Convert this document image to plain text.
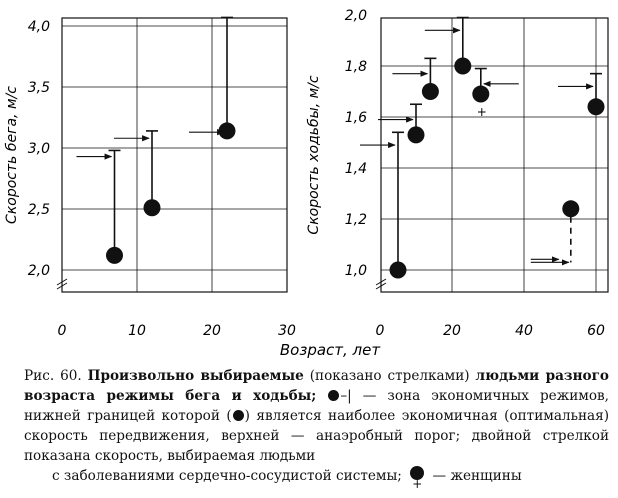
2,0
2,5
3,0
3,5
4,0
0	10	20	30
Скорость бега, м/с
1,0
1,2
1,4
1,6
1,8
2,0
0	20	40	60
Скорость ходьбы, м/с	+
Возраст, лет
Рис. 60. Произвольно выбираемые (показано стрелками) людьми разного возраста режимы бега и ходьбы; –| — зона экономичных режимов, нижней границей которой ( ) является наиболее экономичная (оптимальная) скорость передвижения, верхней — анаэробный порог; двойной стрелкой показана скорость, выбираемая людьми
с заболеваниями сердечно-сосудистой системы; + — женщины
